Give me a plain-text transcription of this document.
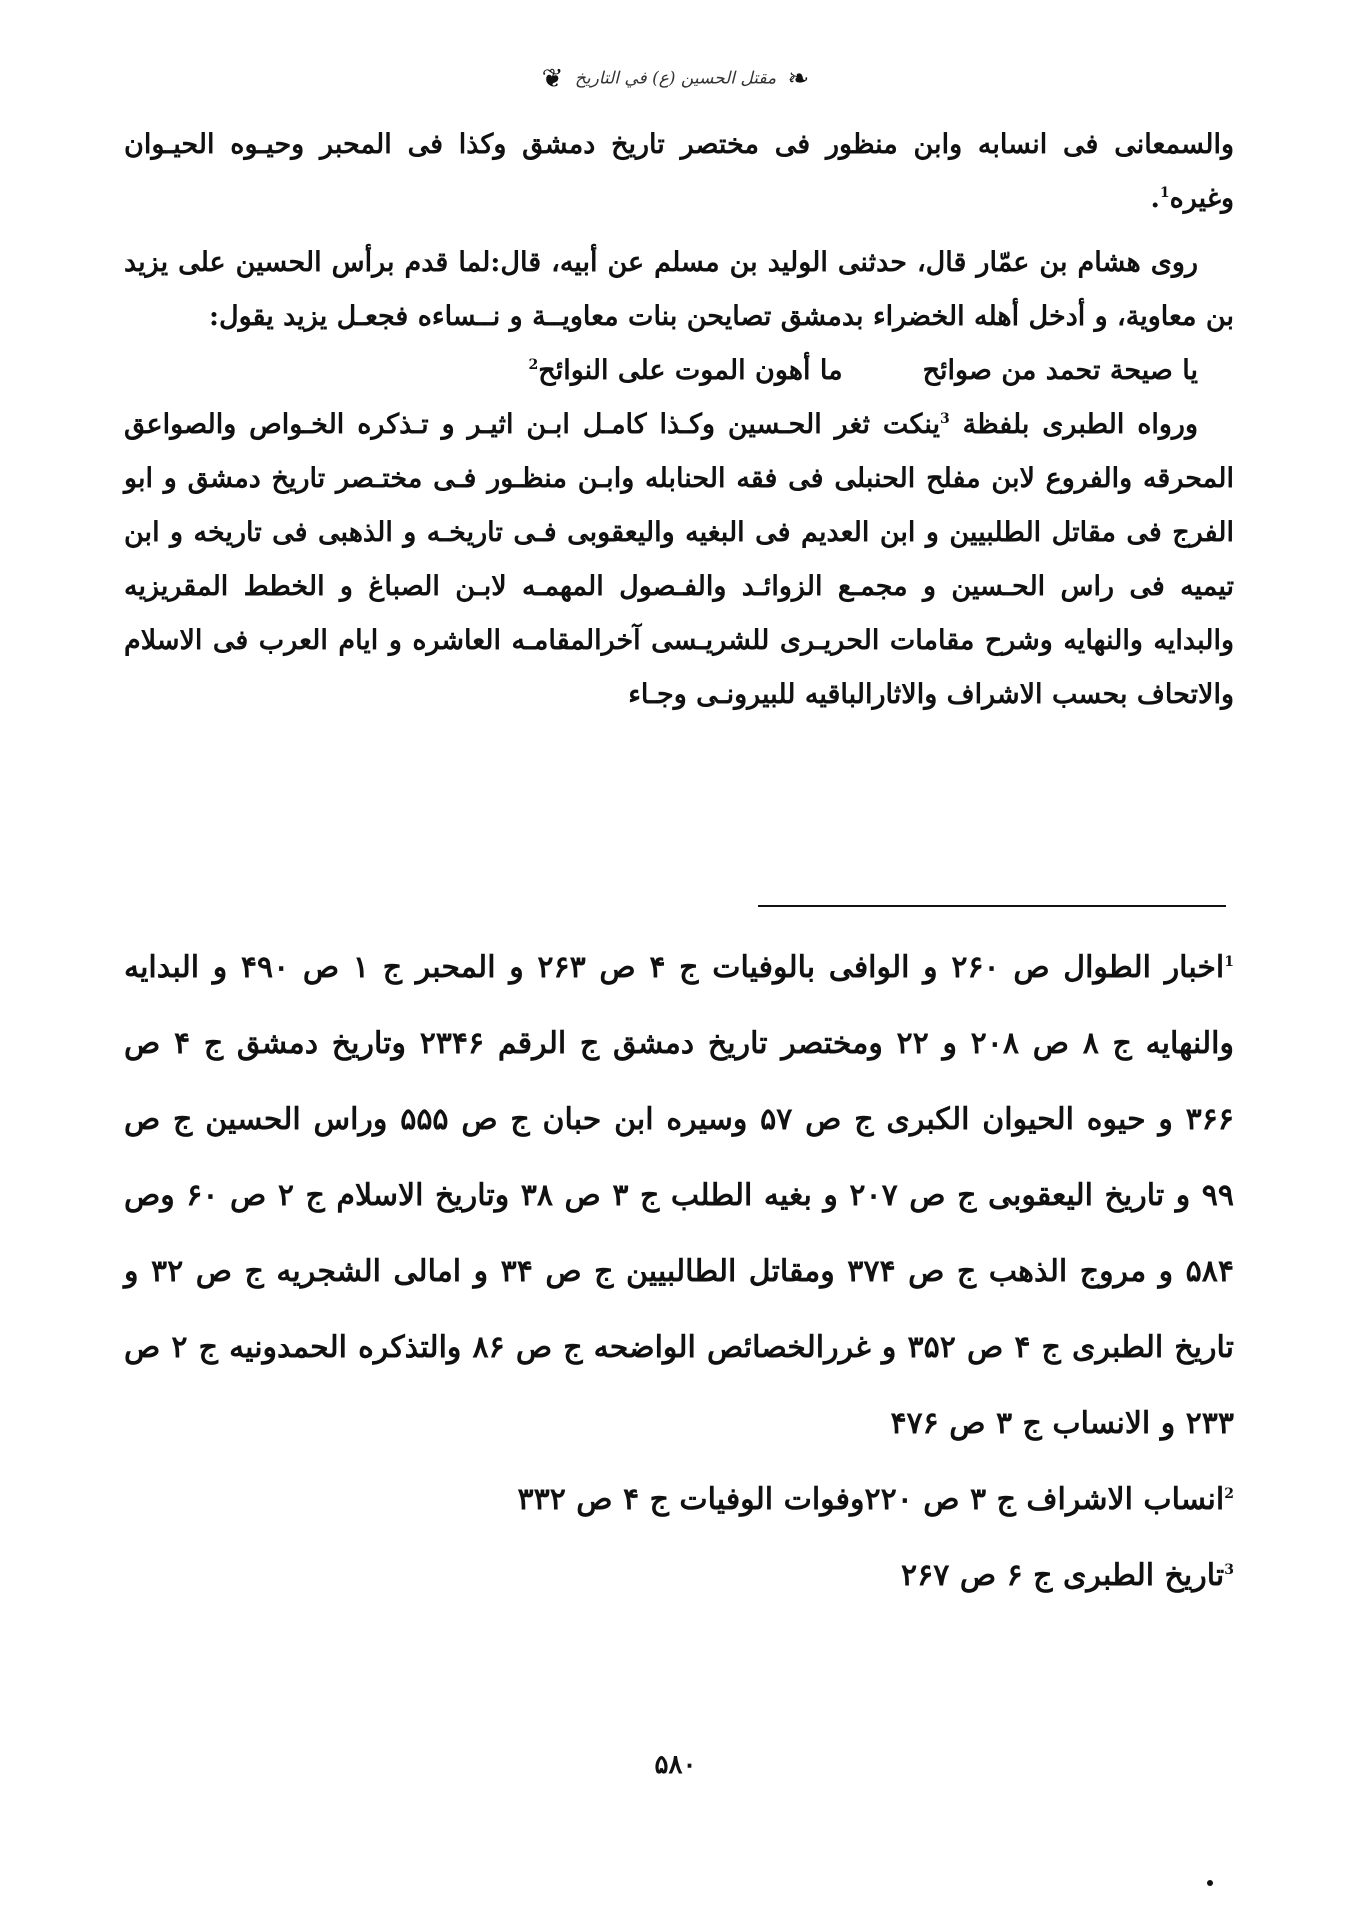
❧ مقتل الحسين (ع) في التاريخ ❦

والسمعانی فی انسابه وابن منظور فی مختصر تاریخ دمشق وکذا فی المحبر وحیـوه الحیـوان وغیره$^1$.

روی هشام بن عمّار قال، حدثنی الولید بن مسلم عن أبیه، قال:لما قدم برأس الحسین علی یزید بن معاویة، و أدخل أهله الخضراء بدمشق تصایحن بنات معاویــة و نــساءه فجعـل یزید یقول:

یا صیحة تحمد من صوائح
ما أهون الموت علی النوائح$^2$

ورواه الطبری بلفظة $^3$ینکت ثغر الحـسین وکـذا کامـل ابـن اثیـر و تـذکره الخـواص والصواعق المحرقه والفروع لابن مفلح الحنبلی فی فقه الحنابله وابـن منظـور فـی مختـصر تاریخ دمشق و ابو الفرج فی مقاتل الطلبیین و ابن العدیم فی البغیه والیعقوبی فـی تاریخـه و الذهبی فی تاریخه و ابن تیمیه فی راس الحـسین و مجمـع الزوائـد والفـصول المهمـه لابـن الصباغ و الخطط المقریزیه والبدایه والنهایه وشرح مقامات الحریـری للشریـسی آخرالمقامـه العاشره و ایام العرب فی الاسلام والاتحاف بحسب الاشراف والاثارالباقیه للبیرونـی وجـاء

$^1$اخبار الطوال ص ٢۶٠ و الوافی بالوفیات ج ۴ ص ٢۶٣ و المحبر ج ١ ص ۴٩٠ و البدایه والنهایه ج ٨ ص ٢٠٨ و ٢٢ ومختصر تاریخ دمشق ج الرقم ٢٣۴۶ وتاریخ دمشق ج ۴ ص ٣۶۶ و حیوه الحیوان الکبری ج ص ۵٧ وسیره ابن حبان ج ص ۵۵۵ وراس الحسین ج ص ٩٩ و تاریخ الیعقوبی ج ص ٢٠٧ و بغیه الطلب ج ٣ ص ٣٨ وتاریخ الاسلام ج ٢ ص ۶٠ وص ۵٨۴ و مروج الذهب ج ص ٣٧۴ ومقاتل الطالبیین ج ص ٣۴ و امالی الشجریه ج ص ٣٢ و تاریخ الطبری ج ۴ ص ٣۵٢ و غررالخصائص الواضحه ج ص ٨۶ والتذکره الحمدونیه ج ٢ ص ٢٣٣ و الانساب ج ٣ ص ۴٧۶

$^2$انساب الاشراف ج ٣ ص ٢٢٠وفوات الوفیات ج ۴ ص ٣٣٢

$^3$تاریخ الطبری ج ۶ ص ٢۶٧

۵٨٠
